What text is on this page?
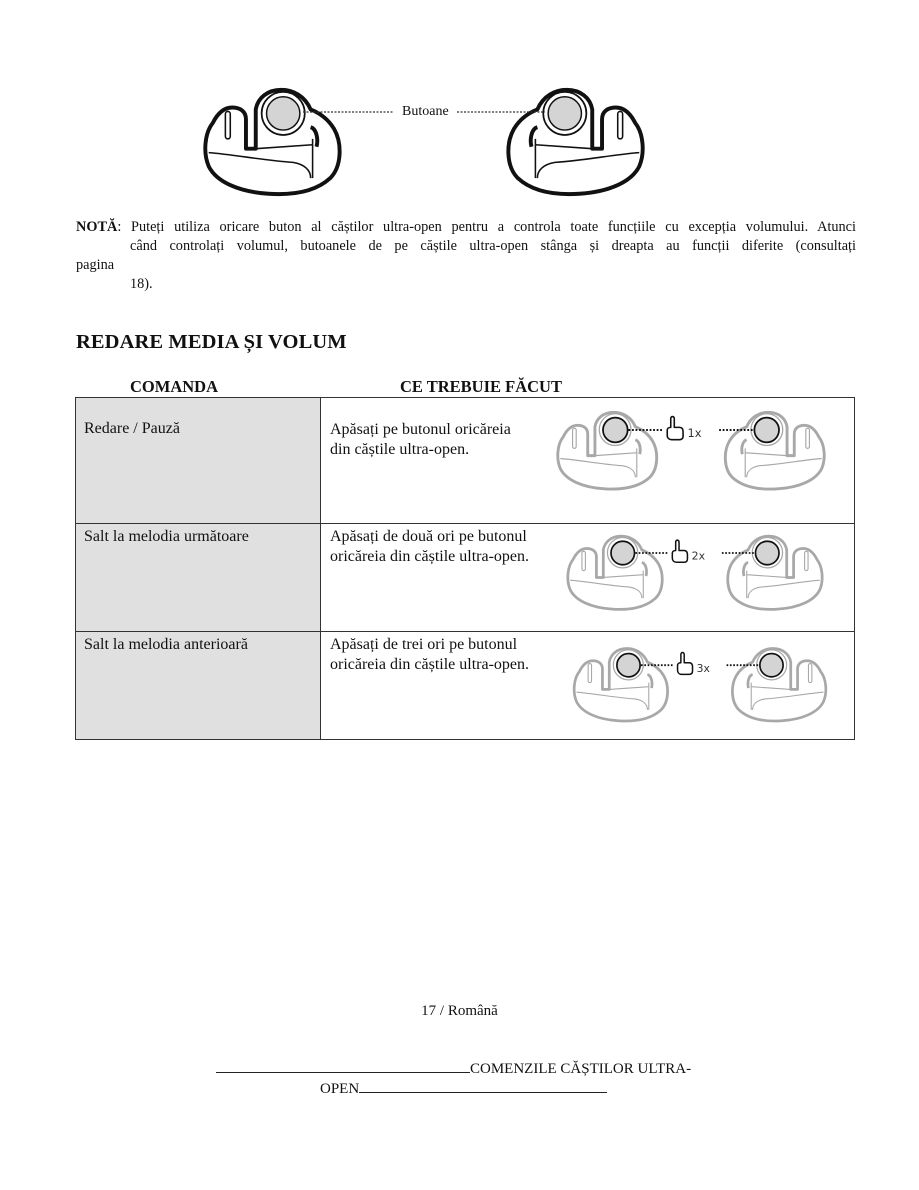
Butoane
NOTĂ: Puteți utiliza oricare buton al căștilor ultra-open pentru a controla toate funcțiile cu excepția volumului. Atunci
când controlați volumul, butoanele de pe căștile ultra-open stânga și dreapta au funcții diferite (consultați
pagina
18).
REDARE MEDIA ȘI VOLUM
COMANDA	CE TREBUIE FĂCUT
Redare / Pauză	Apăsați pe butonul oricăreia
din căștile ultra-open.
1x

Salt la melodia următoare	Apăsați de două ori pe butonul
oricăreia din căștile ultra-open. 2x

Salt la melodia anterioară	Apăsați de trei ori pe butonul
oricăreia din căștile ultra-open. 3x
17 / Română
COMENZILE CĂȘTILOR ULTRA-
OPEN
